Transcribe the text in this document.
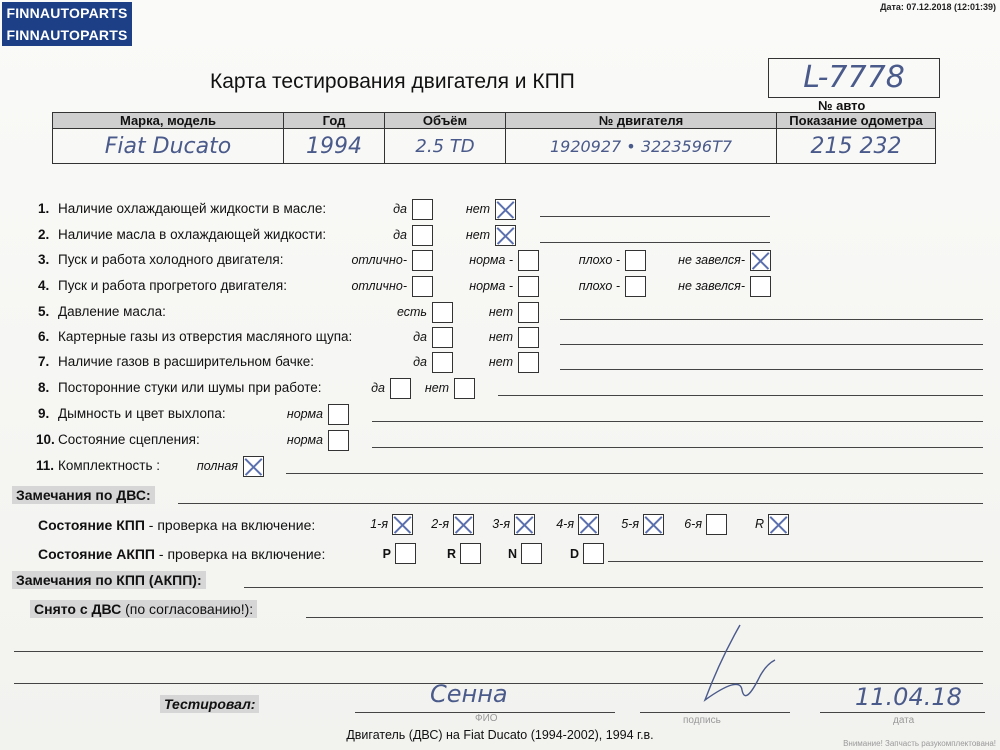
FINNAUTOPARTS
FINNAUTOPARTS
Дата: 07.12.2018 (12:01:39)
Карта тестирования двигателя и КПП	L-7778
№ авто
Марка, модель	Год	Объём	№ двигателя	Показание одометра
Fiat Ducato	1994	2.5 TD	1920927 • 3223596Т7	215 232
1. Наличие охлаждающей жидкости в масле:	да	нет
2. Наличие масла в охлаждающей жидкости:	да	нет
3. Пуск и работа холодного двигателя:	отлично-	норма -	плохо -	не завелся-
4. Пуск и работа прогретого двигателя:	отлично-	норма -	плохо -	не завелся-
5. Давление масла:	есть	нет
6. Картерные газы из отверстия масляного щупа:	да	нет
7. Наличие газов в расширительном бачке:	да	нет
8. Посторонние стуки или шумы при работе:	да	нет
9. Дымность и цвет выхлопа:	норма
10. Состояние сцепления:	норма
11. Комплектность :	полная
Замечания по ДВС:
Состояние КПП - проверка на включение:	1-я	2-я	3-я	4-я	5-я	6-я	R
Состояние АКПП - проверка на включение:	P	R	N	D
Замечания по КПП (АКПП):
Снято с ДВС (по согласованию!):
Тестировал:	Сенна
ФИО	подпись	дата
11.04.18
Двигатель (ДВС) на Fiat Ducato (1994-2002), 1994 г.в.
Внимание! Запчасть разукомплектована!
